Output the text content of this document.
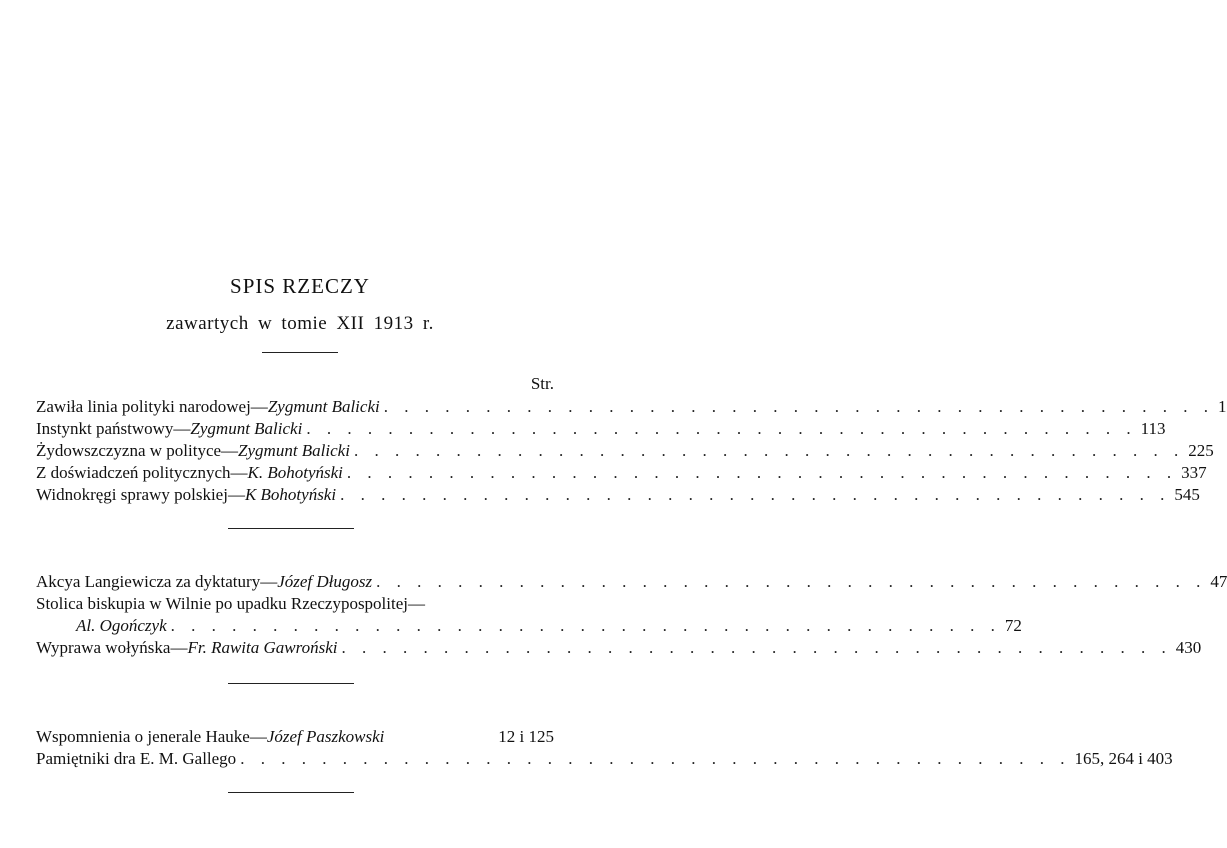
SPIS RZECZY
zawartych w tomie XII 1913 r.
Str.
Zawiła linia polityki narodowej— Zygmunt Balicki . . . . . . . . . . . . . . . . . . . . . . . . . . . . . . . . . . . . . . . . . 1
Instynkt państwowy— Zygmunt Balicki . . . . . . . . . . . . . . . . . . . . . . . . . . . . . . . . . . . . . . . . . 113
Żydowszczyzna w polityce— Zygmunt Balicki . . . . . . . . . . . . . . . . . . . . . . . . . . . . . . . . . . . . . . . . . 225
Z doświadczeń politycznych— K. Bohotyński . . . . . . . . . . . . . . . . . . . . . . . . . . . . . . . . . . . . . . . . . 337
Widnokręgi sprawy polskiej— K Bohotyński . . . . . . . . . . . . . . . . . . . . . . . . . . . . . . . . . . . . . . . . . 545
Akcya Langiewicza za dyktatury— Józef Długosz . . . . . . . . . . . . . . . . . . . . . . . . . . . . . . . . . . . . . . . . . 47
Stolica biskupia w Wilnie po upadku Rzeczypospolitej—
Al. Ogończyk . . . . . . . . . . . . . . . . . . . . . . . . . . . . . . . . . . . . . . . . . 72
Wyprawa wołyńska— Fr. Rawita Gawroński . . . . . . . . . . . . . . . . . . . . . . . . . . . . . . . . . . . . . . . . . 430
Wspomnienia o jenerale Hauke— Józef Paszkowski	12 i 125
Pamiętniki dra E. M. Gallego . . . . . . . . . . . . . . . . . . . . . . . . . . . . . . . . . . . . . . . . . 165, 264 i 403
